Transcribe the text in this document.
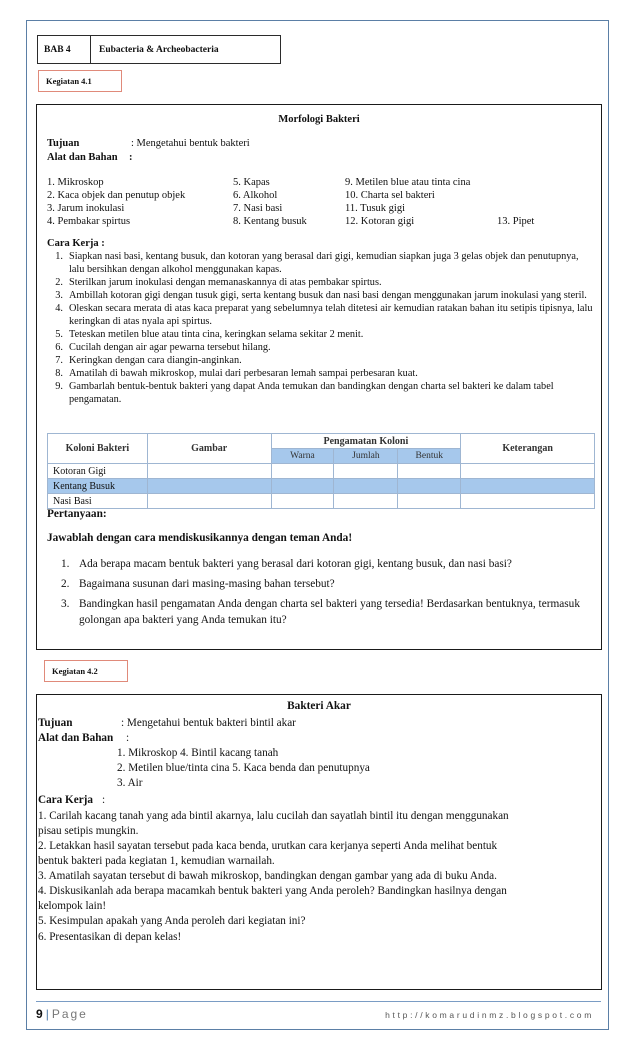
BAB 4	Eubacteria & Archeobacteria
Kegiatan 4.1
Morfologi Bakteri
Tujuan	: Mengetahui bentuk bakteri
Alat dan Bahan :
1. Mikroskop	5. Kapas	9. Metilen blue atau tinta cina
2. Kaca objek dan penutup objek	6. Alkohol	10. Charta sel bakteri
3. Jarum inokulasi	7. Nasi basi	11. Tusuk gigi
4. Pembakar spirtus	8. Kentang busuk	12. Kotoran gigi	13. Pipet
Cara Kerja :
1. Siapkan nasi basi, kentang busuk, dan kotoran yang berasal dari gigi, kemudian siapkan juga 3 gelas objek dan penutupnya, lalu bersihkan dengan alkohol menggunakan kapas.
2. Sterilkan jarum inokulasi dengan memanaskannya di atas pembakar spirtus.
3. Ambillah kotoran gigi dengan tusuk gigi, serta kentang busuk dan nasi basi dengan menggunakan jarum inokulasi yang steril.
4. Oleskan secara merata di atas kaca preparat yang sebelumnya telah ditetesi air kemudian ratakan bahan itu setipis tipisnya, lalu keringkan di atas nyala api spirtus.
5. Teteskan metilen blue atau tinta cina, keringkan selama sekitar 2 menit.
6. Cucilah dengan air agar pewarna tersebut hilang.
7. Keringkan dengan cara diangin-anginkan.
8. Amatilah di bawah mikroskop, mulai dari perbesaran lemah sampai perbesaran kuat.
9. Gambarlah bentuk-bentuk bakteri yang dapat Anda temukan dan bandingkan dengan charta sel bakteri ke dalam tabel pengamatan.
Koloni Bakteri	Gambar	Pengamatan Koloni			Keterangan
		Warna	Jumlah	Bentuk	
Kotoran Gigi					
Kentang Busuk					
Nasi Basi					
Pertanyaan:
Jawablah dengan cara mendiskusikannya dengan teman Anda!
1. Ada berapa macam bentuk bakteri yang berasal dari kotoran gigi, kentang busuk, dan nasi basi?
2. Bagaimana susunan dari masing-masing bahan tersebut?
3. Bandingkan hasil pengamatan Anda dengan charta sel bakteri yang tersedia! Berdasarkan bentuknya, termasuk golongan apa bakteri yang Anda temukan itu?
Kegiatan 4.2
Bakteri Akar
Tujuan	: Mengetahui bentuk bakteri bintil akar
Alat dan Bahan :
1. Mikroskop 4. Bintil kacang tanah
2. Metilen blue/tinta cina 5. Kaca benda dan penutupnya
3. Air
Cara Kerja :
1. Carilah kacang tanah yang ada bintil akarnya, lalu cucilah dan sayatlah bintil itu dengan menggunakan
pisau setipis mungkin.
2. Letakkan hasil sayatan tersebut pada kaca benda, urutkan cara kerjanya seperti Anda melihat bentuk
bentuk bakteri pada kegiatan 1, kemudian warnailah.
3. Amatilah sayatan tersebut di bawah mikroskop, bandingkan dengan gambar yang ada di buku Anda.
4. Diskusikanlah ada berapa macamkah bentuk bakteri yang Anda peroleh? Bandingkan hasilnya dengan
kelompok lain!
5. Kesimpulan apakah yang Anda peroleh dari kegiatan ini?
6. Presentasikan di depan kelas!
9 | Page	http://komarudinmz.blogspot.com
